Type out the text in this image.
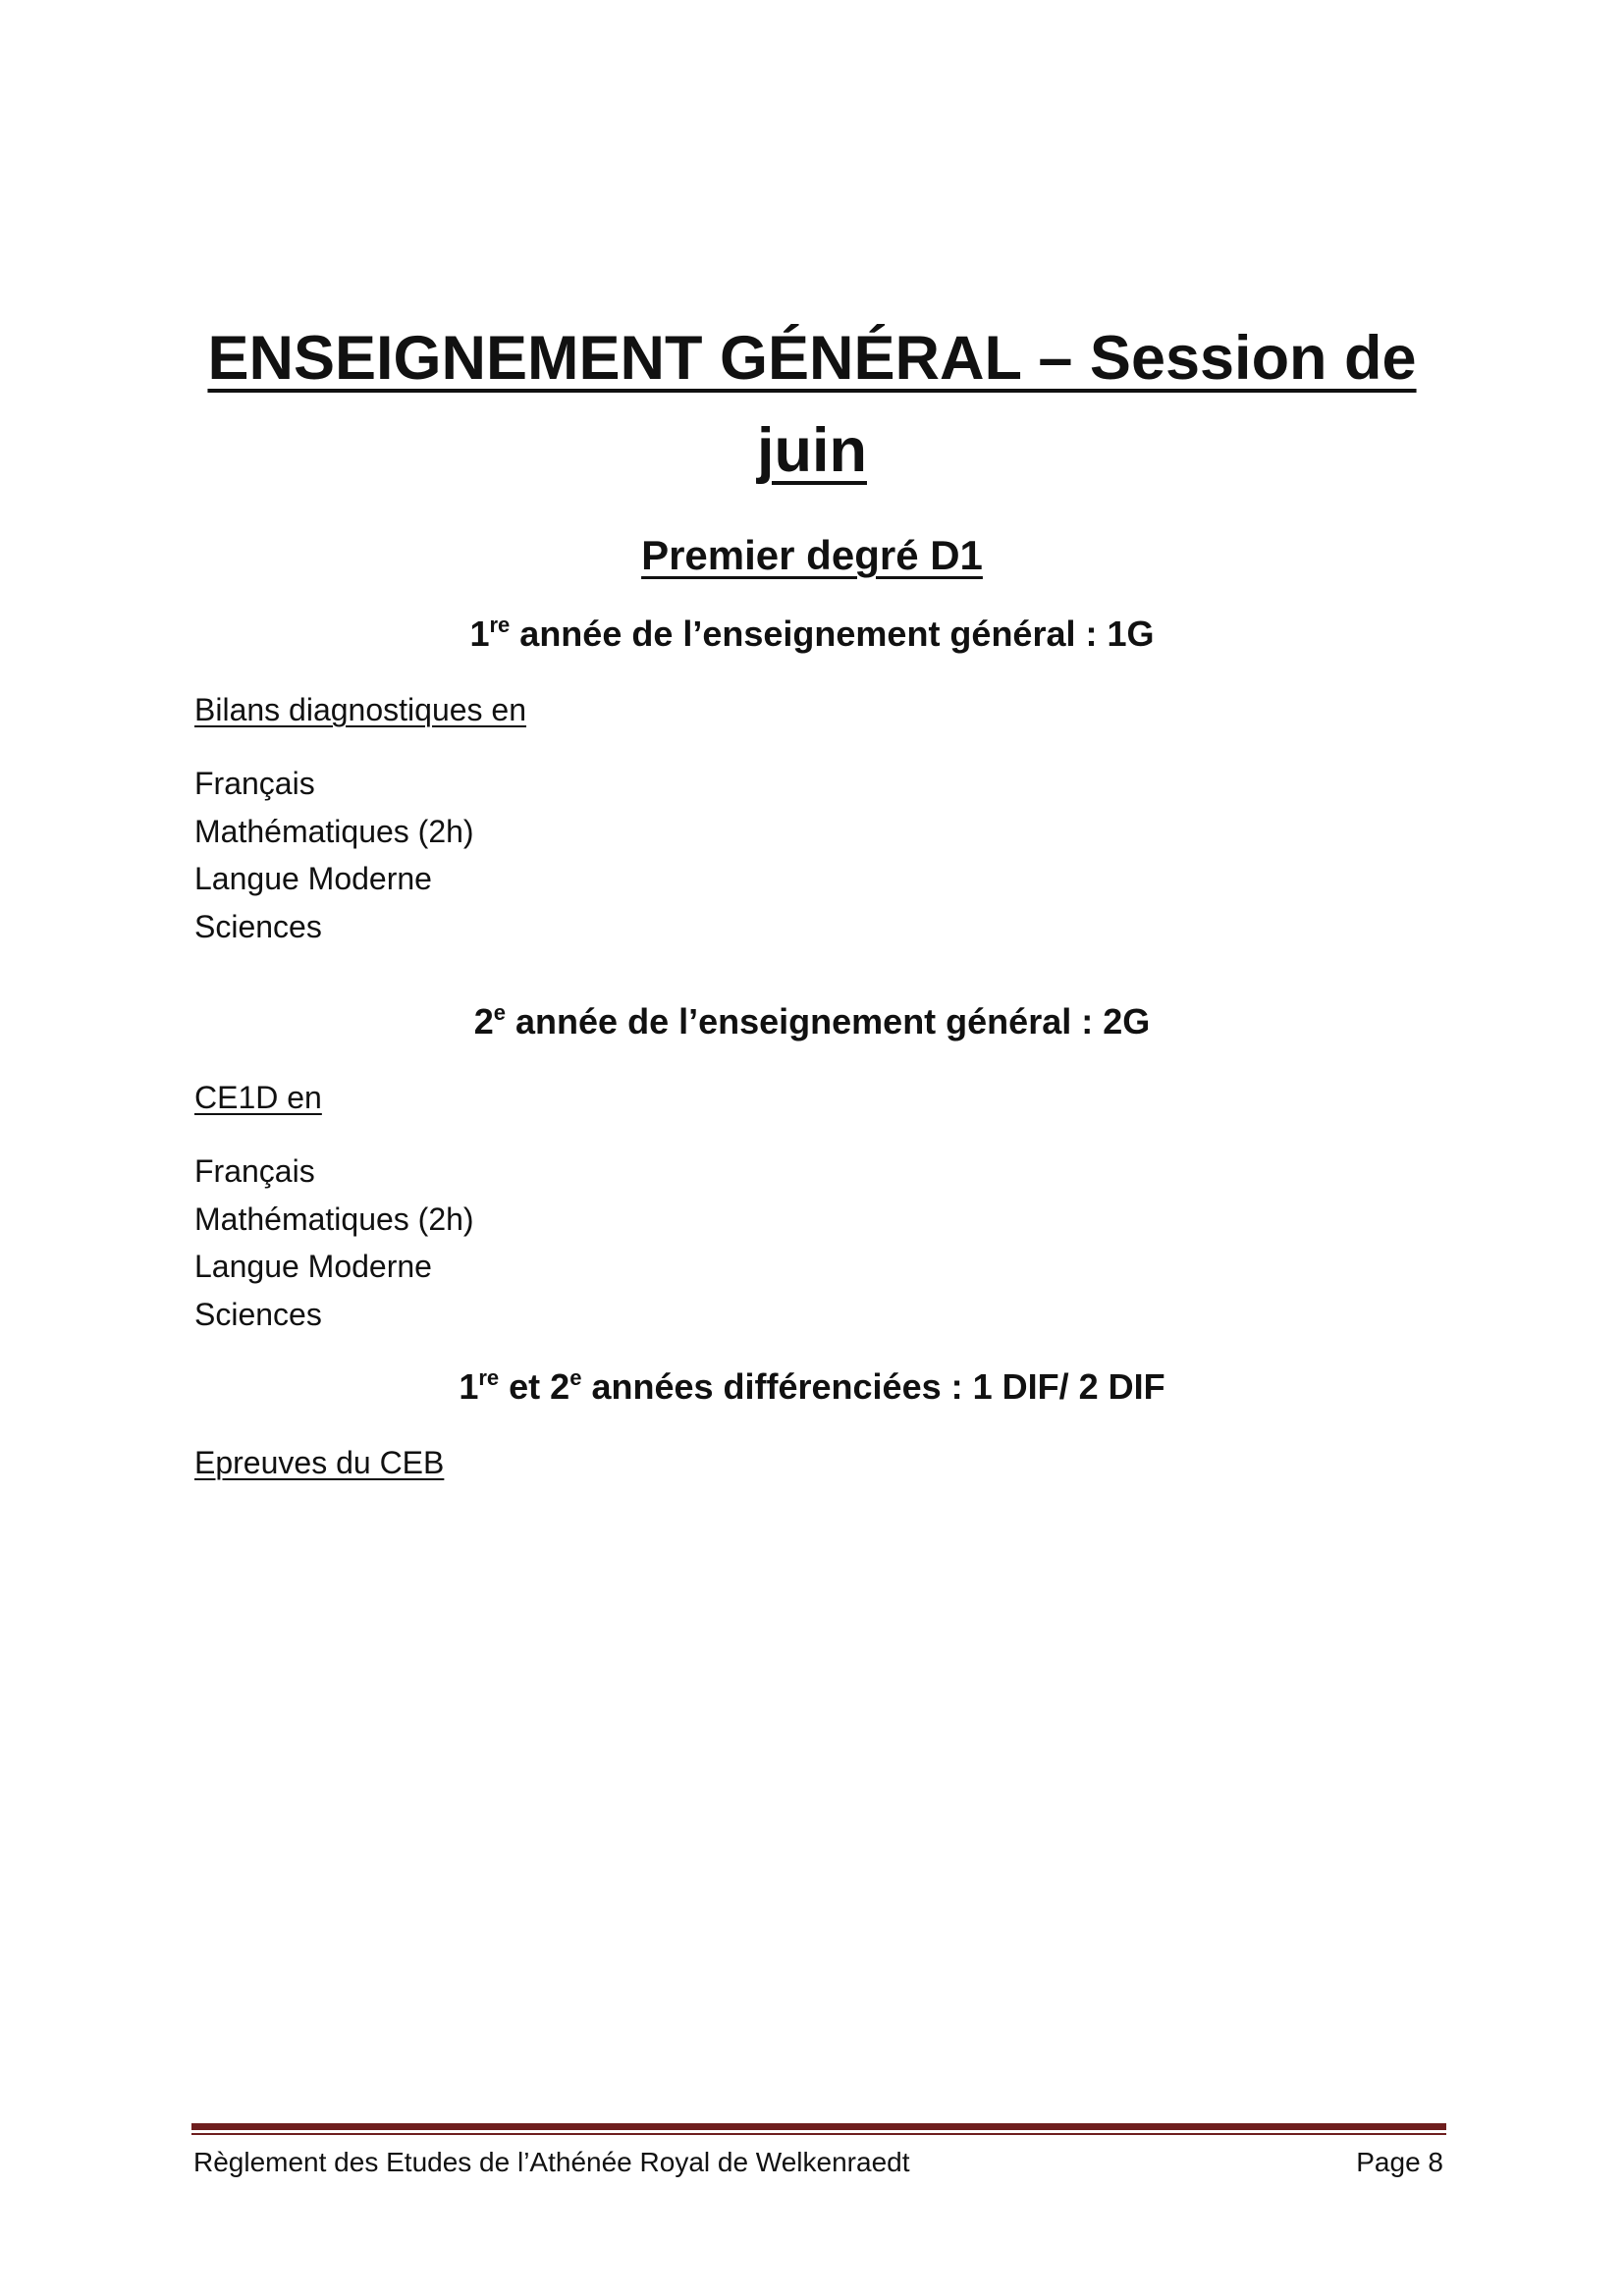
ENSEIGNEMENT GÉNÉRAL – Session de juin
Premier degré D1
1re année de l’enseignement général : 1G

Bilans diagnostiques en

Français
Mathématiques (2h)
Langue Moderne
Sciences
2e année de l’enseignement général : 2G

CE1D en

Français
Mathématiques (2h)
Langue Moderne
Sciences
1re et 2e années différenciées : 1 DIF/ 2 DIF

Epreuves du CEB

Règlement des Etudes de l’Athénée Royal de Welkenraedt	Page 8
